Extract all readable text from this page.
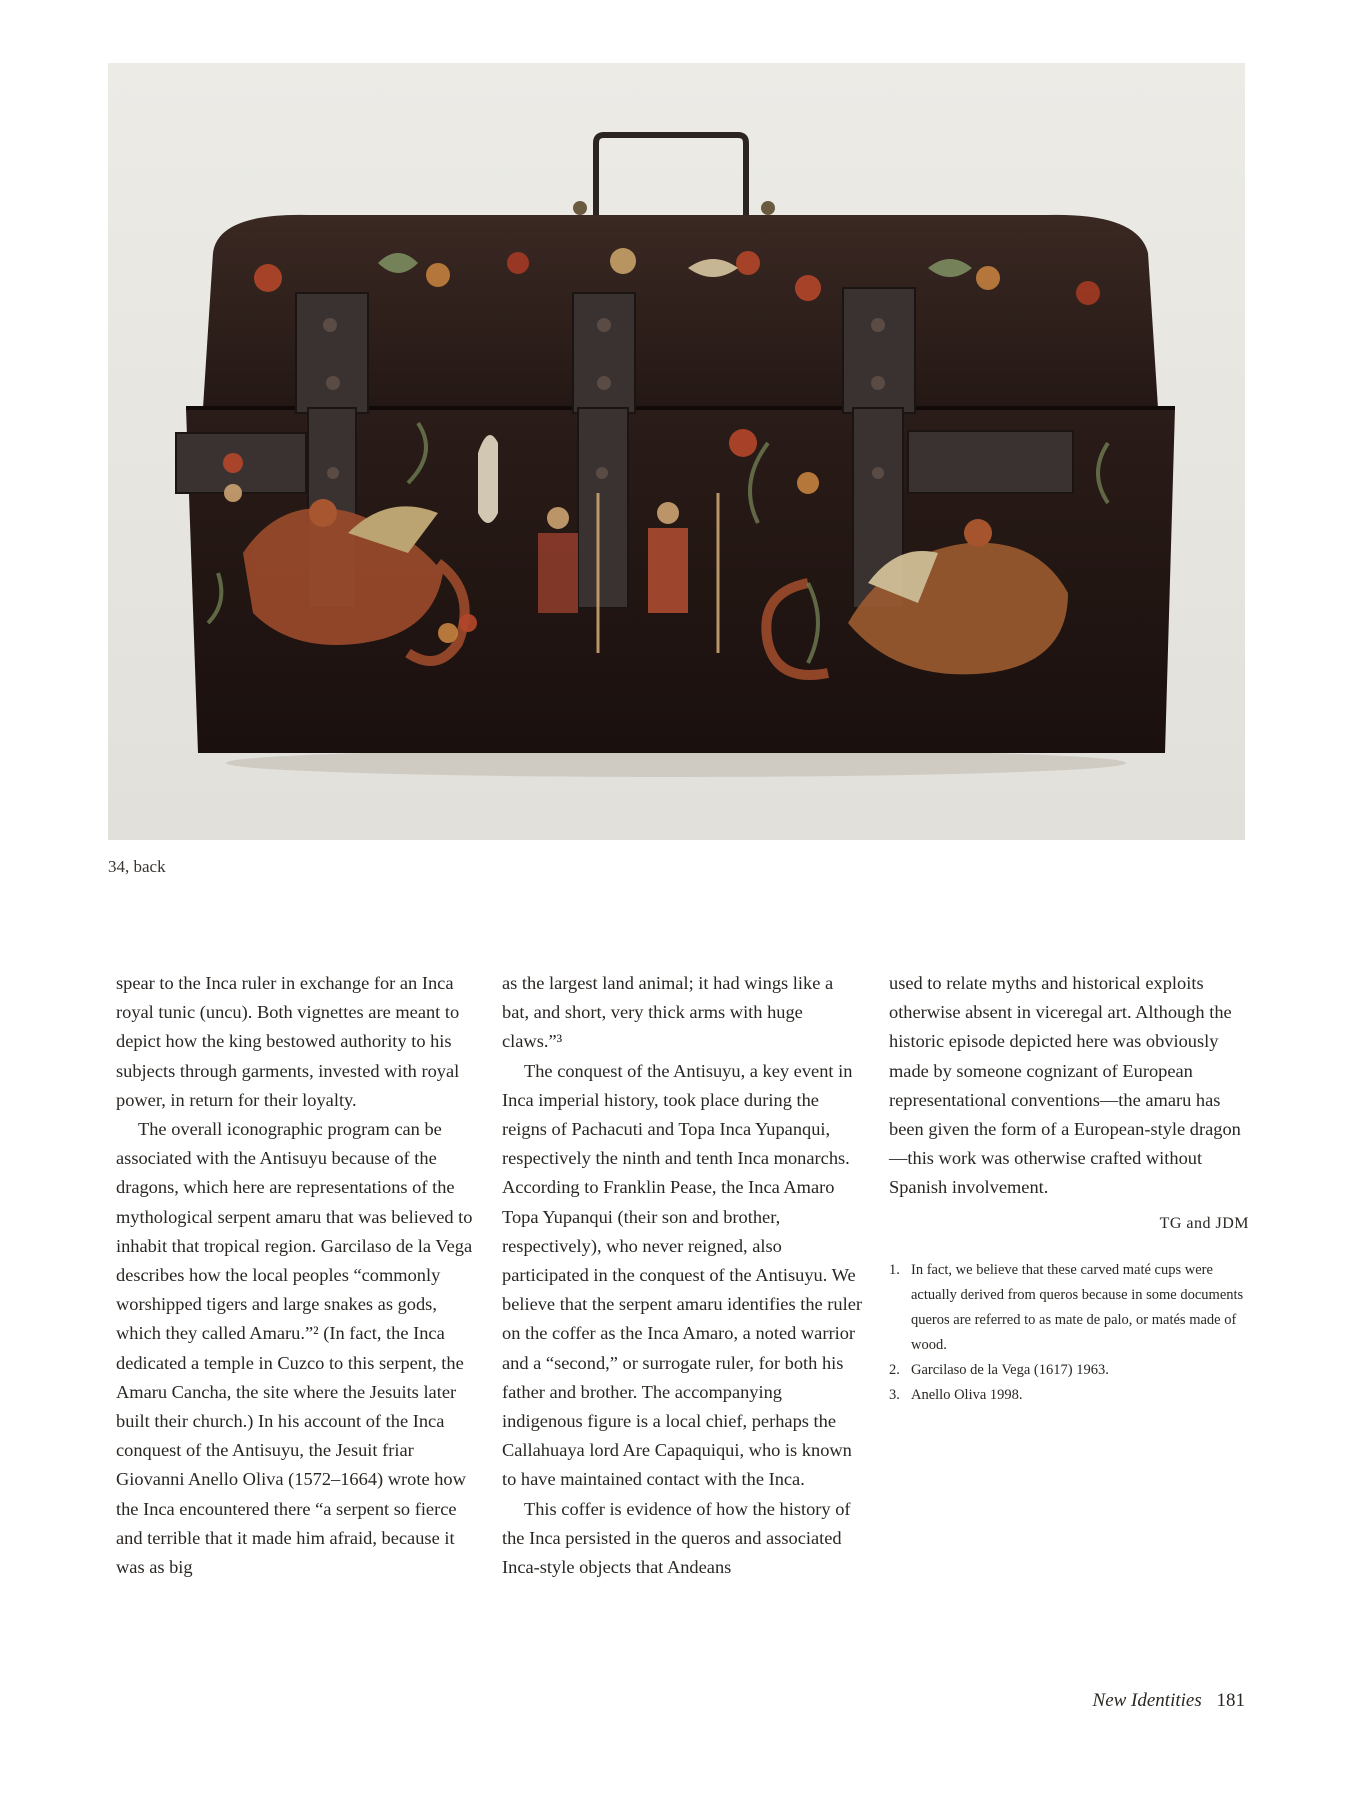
34, back

spear to the Inca ruler in exchange for an Inca royal tunic (uncu). Both vignettes are meant to depict how the king bestowed authority to his subjects through garments, invested with royal power, in return for their loyalty.

The overall iconographic program can be associated with the Antisuyu because of the dragons, which here are representations of the mythological serpent amaru that was believed to inhabit that tropical region. Garcilaso de la Vega describes how the local peoples “commonly worshipped tigers and large snakes as gods, which they called Amaru.”² (In fact, the Inca dedicated a temple in Cuzco to this serpent, the Amaru Cancha, the site where the Jesuits later built their church.) In his account of the Inca conquest of the Antisuyu, the Jesuit friar Giovanni Anello Oliva (1572–1664) wrote how the Inca encountered there “a serpent so fierce and terrible that it made him afraid, because it was as big

as the largest land animal; it had wings like a bat, and short, very thick arms with huge claws.”³

The conquest of the Antisuyu, a key event in Inca imperial history, took place during the reigns of Pachacuti and Topa Inca Yupanqui, respectively the ninth and tenth Inca monarchs. According to Franklin Pease, the Inca Amaro Topa Yupanqui (their son and brother, respectively), who never reigned, also participated in the conquest of the Antisuyu. We believe that the serpent amaru identifies the ruler on the coffer as the Inca Amaro, a noted warrior and a “second,” or surrogate ruler, for both his father and brother. The accompanying indigenous figure is a local chief, perhaps the Callahuaya lord Are Capaquiqui, who is known to have maintained contact with the Inca.

This coffer is evidence of how the history of the Inca persisted in the queros and associated Inca-style objects that Andeans

used to relate myths and historical exploits otherwise absent in viceregal art. Although the historic episode depicted here was obviously made by someone cognizant of European representational conventions—the amaru has been given the form of a European-style dragon—this work was otherwise crafted without Spanish involvement.

TG and JDM
1. In fact, we believe that these carved maté cups were actually derived from queros because in some documents queros are referred to as mate de palo, or matés made of wood.
2. Garcilaso de la Vega (1617) 1963.
3. Anello Oliva 1998.
New Identities 181
